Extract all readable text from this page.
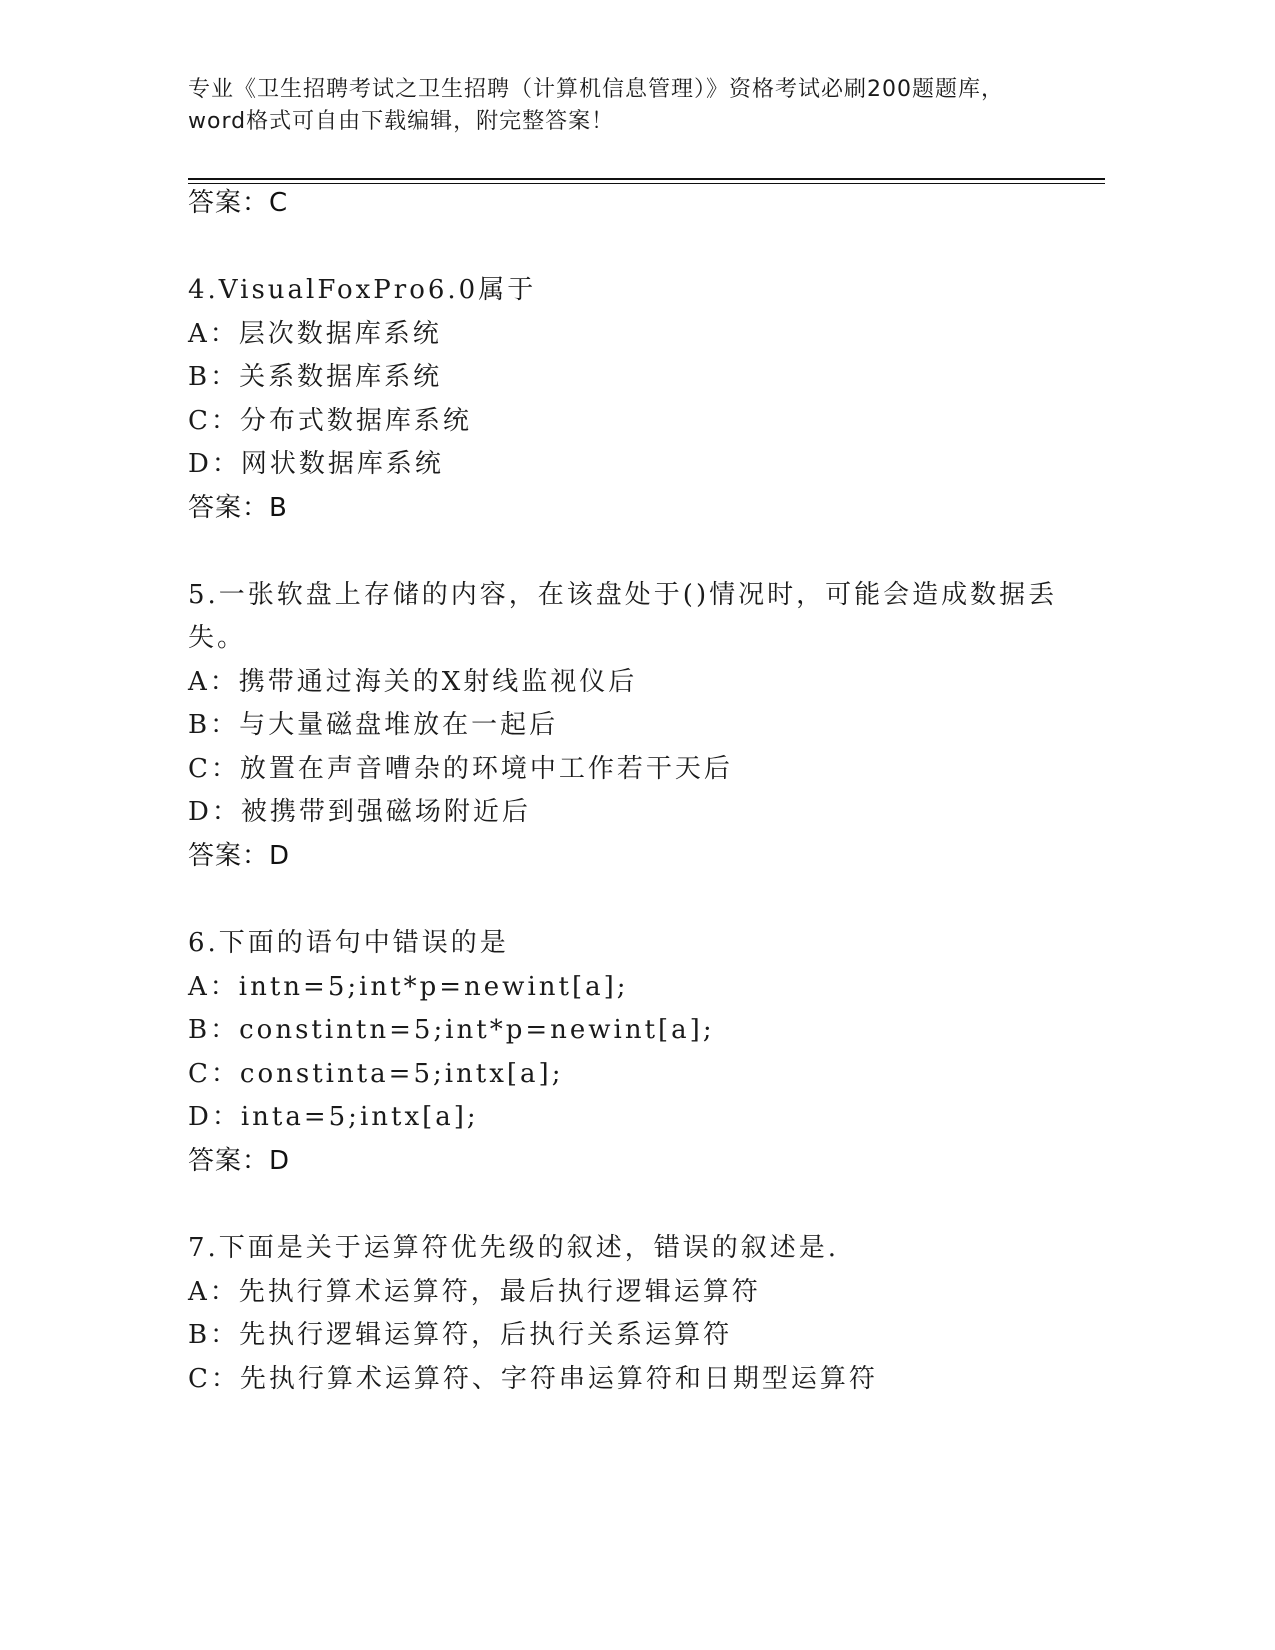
专业《卫生招聘考试之卫生招聘（计算机信息管理）》资格考试必刷200题题库，
word格式可自由下载编辑，附完整答案！
答案：C
4.VisualFoxPro6.0属于
A：层次数据库系统
B：关系数据库系统
C：分布式数据库系统
D：网状数据库系统
答案：B
5.一张软盘上存储的内容，在该盘处于()情况时，可能会造成数据丢
失。
A：携带通过海关的X射线监视仪后
B：与大量磁盘堆放在一起后
C：放置在声音嘈杂的环境中工作若干天后
D：被携带到强磁场附近后
答案：D
6.下面的语句中错误的是
A：intn=5;int*p=newint[a];
B：constintn=5;int*p=newint[a];
C：constinta=5;intx[a];
D：inta=5;intx[a];
答案：D
7.下面是关于运算符优先级的叙述，错误的叙述是.
A：先执行算术运算符，最后执行逻辑运算符
B：先执行逻辑运算符，后执行关系运算符
C：先执行算术运算符、字符串运算符和日期型运算符
